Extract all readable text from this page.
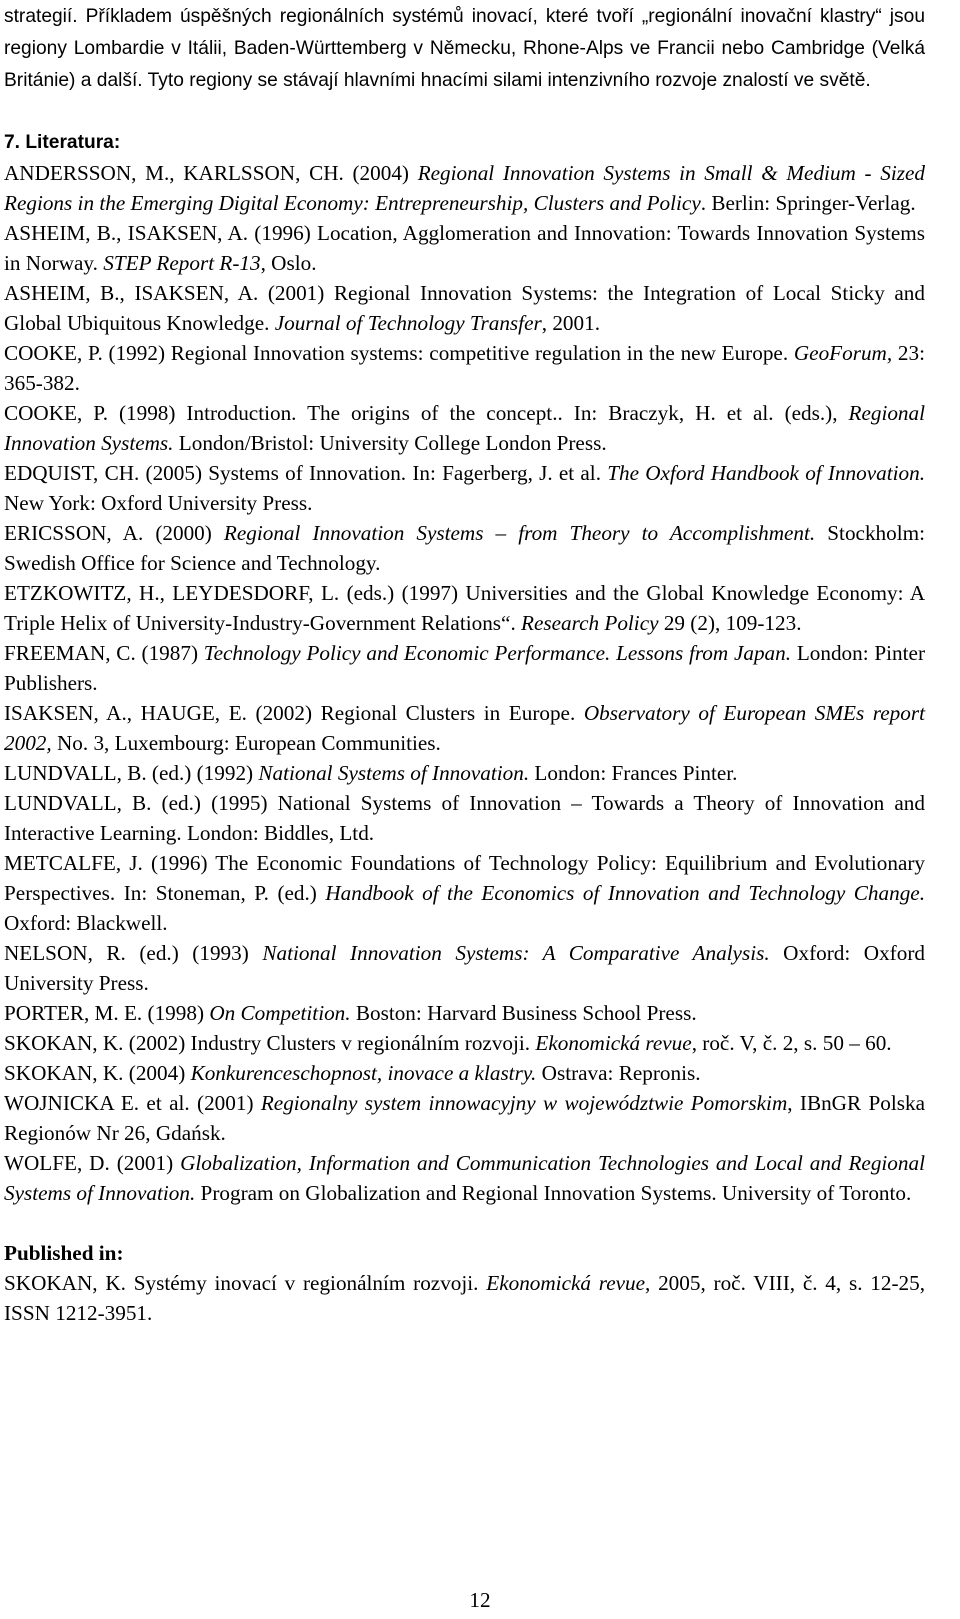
strategií. Příkladem úspěšných regionálních systémů inovací, které tvoří „regionální inovační klastry“ jsou regiony Lombardie v Itálii, Baden-Württemberg v Německu, Rhone-Alps ve Francii nebo Cambridge (Velká Británie) a další. Tyto regiony se stávají hlavními hnacími silami intenzivního rozvoje znalostí ve světě.

7. Literatura:

ANDERSSON, M., KARLSSON, CH. (2004) Regional Innovation Systems in Small & Medium - Sized Regions in the Emerging Digital Economy: Entrepreneurship, Clusters and Policy. Berlin: Springer-Verlag.

ASHEIM, B., ISAKSEN, A. (1996) Location, Agglomeration and Innovation: Towards Innovation Systems in Norway. STEP Report R-13, Oslo.

ASHEIM, B., ISAKSEN, A. (2001) Regional Innovation Systems: the Integration of Local Sticky and Global Ubiquitous Knowledge. Journal of Technology Transfer, 2001.

COOKE, P. (1992) Regional Innovation systems: competitive regulation in the new Europe. GeoForum, 23: 365-382.

COOKE, P. (1998) Introduction. The origins of the concept.. In: Braczyk, H. et al. (eds.), Regional Innovation Systems. London/Bristol: University College London Press.

EDQUIST, CH. (2005) Systems of Innovation. In: Fagerberg, J. et al. The Oxford Handbook of Innovation. New York: Oxford University Press.

ERICSSON, A. (2000) Regional Innovation Systems – from Theory to Accomplishment. Stockholm: Swedish Office for Science and Technology.

ETZKOWITZ, H., LEYDESDORF, L. (eds.) (1997) Universities and the Global Knowledge Economy: A Triple Helix of University-Industry-Government Relations“. Research Policy 29 (2), 109-123.

FREEMAN, C. (1987) Technology Policy and Economic Performance. Lessons from Japan. London: Pinter Publishers.

ISAKSEN, A., HAUGE, E. (2002) Regional Clusters in Europe. Observatory of European SMEs report 2002, No. 3, Luxembourg: European Communities.

LUNDVALL, B. (ed.) (1992) National Systems of Innovation. London: Frances Pinter.

LUNDVALL, B. (ed.) (1995) National Systems of Innovation – Towards a Theory of Innovation and Interactive Learning. London: Biddles, Ltd.

METCALFE, J. (1996) The Economic Foundations of Technology Policy: Equilibrium and Evolutionary Perspectives. In: Stoneman, P. (ed.) Handbook of the Economics of Innovation and Technology Change. Oxford: Blackwell.

NELSON, R. (ed.) (1993) National Innovation Systems: A Comparative Analysis. Oxford: Oxford University Press.

PORTER, M. E. (1998) On Competition. Boston: Harvard Business School Press.

SKOKAN, K. (2002) Industry Clusters v regionálním rozvoji. Ekonomická revue, roč. V, č. 2, s. 50 – 60.

SKOKAN, K. (2004) Konkurenceschopnost, inovace a klastry. Ostrava: Repronis.

WOJNICKA E. et al. (2001) Regionalny system innowacyjny w województwie Pomorskim, IBnGR Polska Regionów Nr 26, Gdańsk.

WOLFE, D. (2001) Globalization, Information and Communication Technologies and Local and Regional Systems of Innovation. Program on Globalization and Regional Innovation Systems. University of Toronto.

Published in:

SKOKAN, K. Systémy inovací v regionálním rozvoji. Ekonomická revue, 2005, roč. VIII, č. 4, s. 12-25, ISSN 1212-3951.

12
